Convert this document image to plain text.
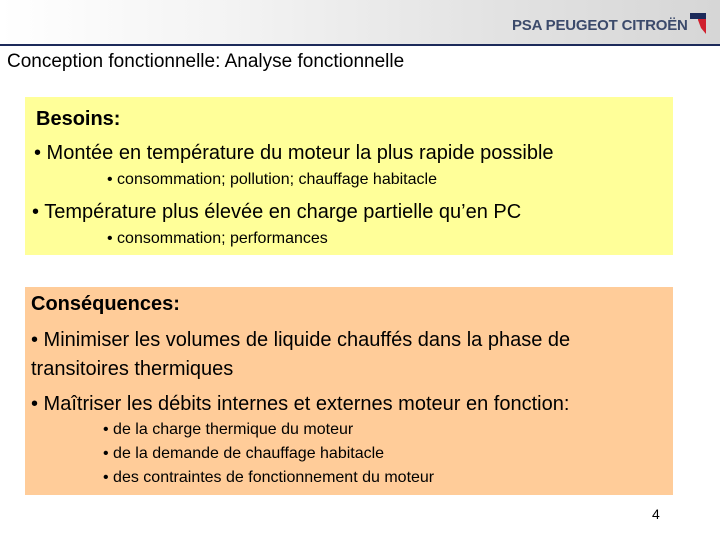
PSA PEUGEOT CITROËN
Conception fonctionnelle: Analyse fonctionnelle
Besoins:
• Montée en température du moteur la plus rapide possible
• consommation; pollution; chauffage habitacle
• Température plus élevée en charge partielle qu’en PC
• consommation; performances
Conséquences:
• Minimiser les volumes de liquide chauffés dans la phase de
transitoires thermiques
• Maîtriser les débits internes et externes moteur en fonction:
• de la charge thermique du moteur
• de la demande de chauffage habitacle
• des contraintes de fonctionnement du moteur
4
